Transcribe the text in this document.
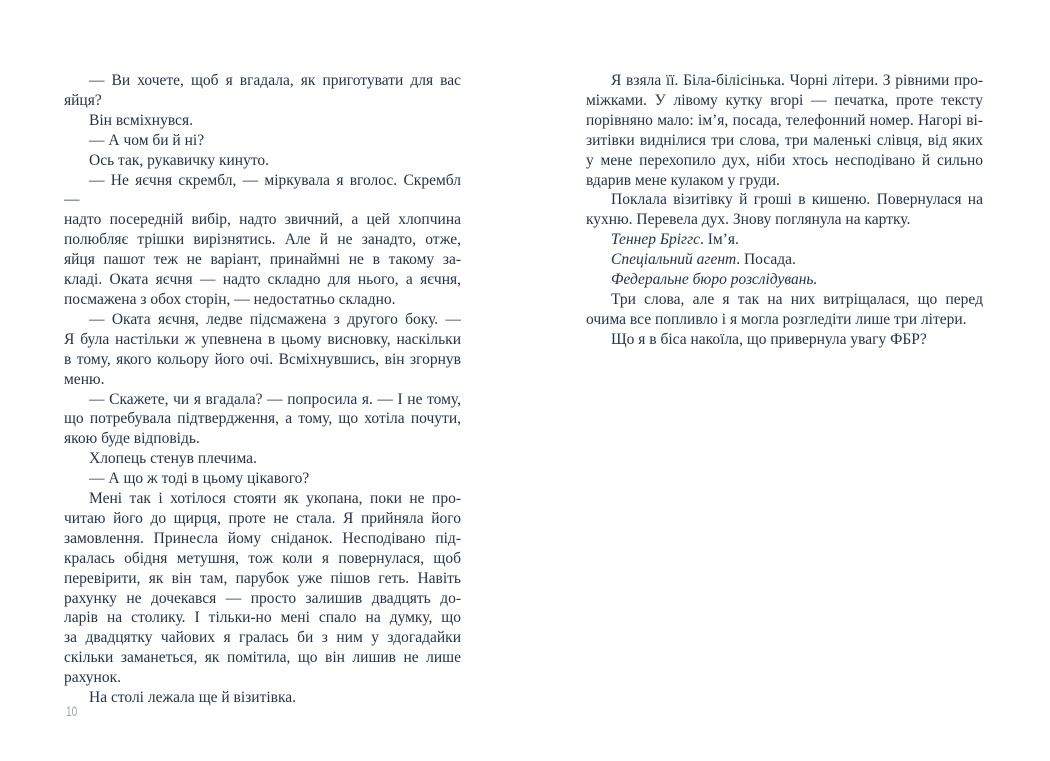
— Ви хочете, щоб я вгадала, як приготувати для вас
яйця?
Він всміхнувся.
— А чом би й ні?
Ось так, рукавичку кинуто.
— Не яєчня скрембл, — міркувала я вголос. Скрембл —
надто посередній вибір, надто звичний, а цей хлопчина
полюбляє трішки вирізнятись. Але й не занадто, отже,
яйця пашот теж не варіант, принаймні не в такому за-
кладі. Оката яєчня — надто складно для нього, а яєчня,
посмажена з обох сторін, — недостатньо складно.
— Оката яєчня, ледве підсмажена з другого боку. —
Я була настільки ж упевнена в цьому висновку, наскільки
в тому, якого кольору його очі. Всміхнувшись, він згорнув
меню.
— Скажете, чи я вгадала? — попросила я. — І не тому,
що потребувала підтвердження, а тому, що хотіла почути,
якою буде відповідь.
Хлопець стенув плечима.
— А що ж тоді в цьому цікавого?
Мені так і хотілося стояти як укопана, поки не про-
читаю його до щирця, проте не стала. Я прийняла його
замовлення. Принесла йому сніданок. Несподівано під-
кралась обідня метушня, тож коли я повернулася, щоб
перевірити, як він там, парубок уже пішов геть. Навіть
рахунку не дочекався — просто залишив двадцять до-
ларів на столику. І тільки-но мені спало на думку, що
за двадцятку чайових я гралась би з ним у здогадайки
скільки заманеться, як помітила, що він лишив не лише
рахунок.
На столі лежала ще й візитівка.
10
Я взяла її. Біла-білісінька. Чорні літери. З рівними про-
міжками. У лівому кутку вгорі — печатка, проте тексту
порівняно мало: ім’я, посада, телефонний номер. Нагорі ві-
зитівки виднілися три слова, три маленькі слівця, від яких
у мене перехопило дух, ніби хтось несподівано й сильно
вдарив мене кулаком у груди.
Поклала візитівку й гроші в кишеню. Повернулася на
кухню. Перевела дух. Знову поглянула на картку.
Теннер Бріггс. Ім’я.
Спеціальний агент. Посада.
Федеральне бюро розслідувань.
Три слова, але я так на них витріщалася, що перед
очима все попливло і я могла розгледіти лише три літери.
Що я в біса накоїла, що привернула увагу ФБР?
